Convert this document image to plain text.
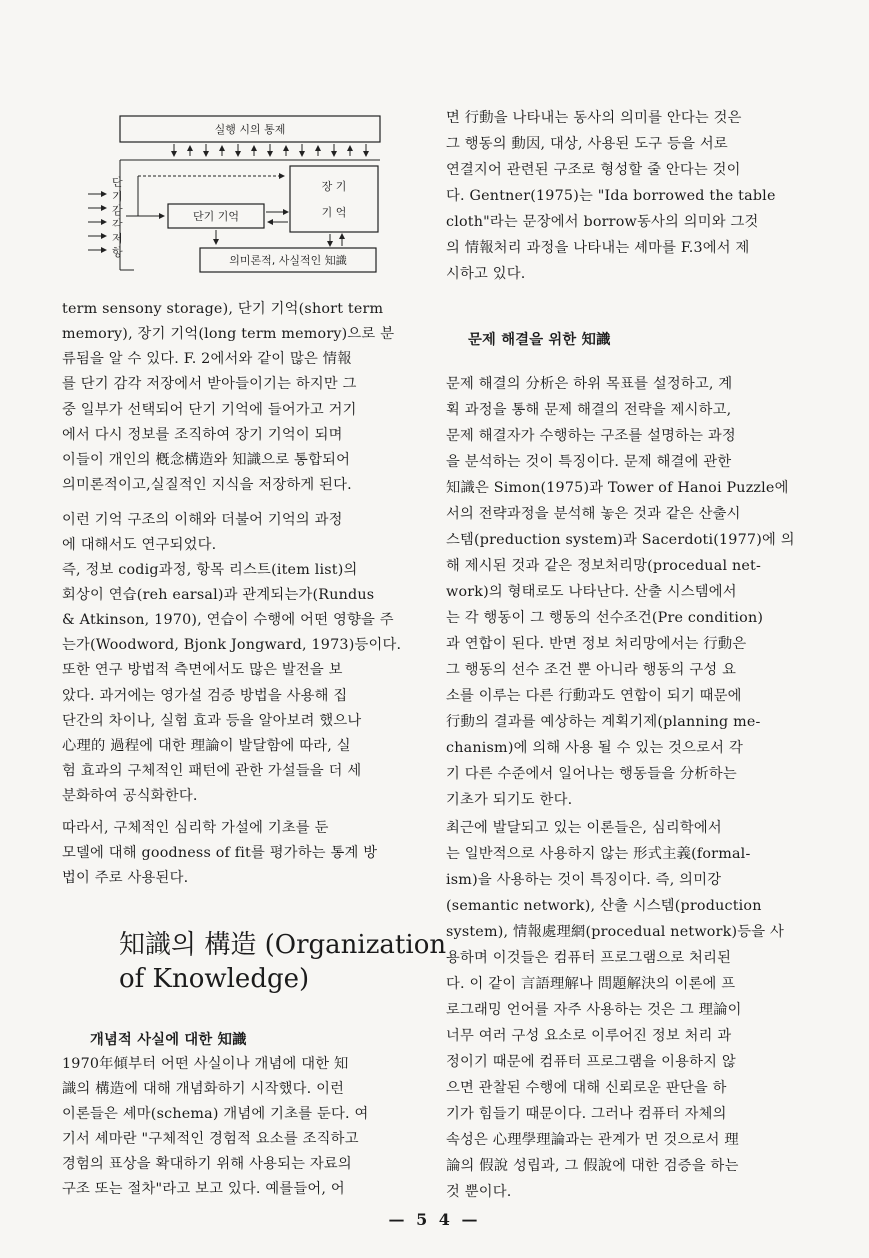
실행 시의 통제
단
기
감
각
저
항
단기 기억
장 기
기 억
의미론적, 사실적인 知識

term sensony storage), 단기 기억(short term

memory), 장기 기억(long term memory)으로 분

류됨을 알 수 있다. F. 2에서와 같이 많은 情報

를 단기 감각 저장에서 받아들이기는 하지만 그

중 일부가 선택되어 단기 기억에 들어가고 거기

에서 다시 정보를 조직하여 장기 기억이 되며

이들이 개인의 槪念構造와 知識으로 통합되어

의미론적이고,실질적인 지식을 저장하게 된다.

이런 기억 구조의 이해와 더불어 기억의 과정

에 대해서도 연구되었다.

즉, 정보 codig과정, 항목 리스트(item list)의

회상이 연습(reh earsal)과 관계되는가(Rundus

& Atkinson, 1970), 연습이 수행에 어떤 영향을 주

는가(Woodword, Bjonk Jongward, 1973)등이다.

또한 연구 방법적 측면에서도 많은 발전을 보

았다. 과거에는 영가설 검증 방법을 사용해 집

단간의 차이나, 실험 효과 등을 알아보려 했으나

心理的 過程에 대한 理論이 발달함에 따라, 실

험 효과의 구체적인 패턴에 관한 가설들을 더 세

분화하여 공식화한다.

따라서, 구체적인 심리학 가설에 기초를 둔

모델에 대해 goodness of fit를 평가하는 통계 방

법이 주로 사용된다.

知識의 構造 (Organization
of Knowledge)

개념적 사실에 대한 知識

1970年傾부터 어떤 사실이나 개념에 대한 知

識의 構造에 대해 개념화하기 시작했다. 이런

이론들은 셰마(schema) 개념에 기초를 둔다. 여

기서 셰마란 "구체적인 경험적 요소를 조직하고

경험의 표상을 확대하기 위해 사용되는 자료의

구조 또는 절차"라고 보고 있다. 예를들어, 어

면 行動을 나타내는 동사의 의미를 안다는 것은

그 행동의 動因, 대상, 사용된 도구 등을 서로

연결지어 관련된 구조로 형성할 줄 안다는 것이

다. Gentner(1975)는 "Ida borrowed the table

cloth"라는 문장에서 borrow동사의 의미와 그것

의 情報처리 과정을 나타내는 셰마를 F.3에서 제

시하고 있다.

문제 해결을 위한 知識

문제 해결의 分析은 하위 목표를 설정하고, 계

획 과정을 통해 문제 해결의 전략을 제시하고,

문제 해결자가 수행하는 구조를 설명하는 과정

을 분석하는 것이 특징이다. 문제 해결에 관한

知識은 Simon(1975)과 Tower of Hanoi Puzzle에

서의 전략과정을 분석해 놓은 것과 같은 산출시

스템(preduction system)과 Sacerdoti(1977)에 의

해 제시된 것과 같은 정보처리망(procedual net-

work)의 형태로도 나타난다. 산출 시스템에서

는 각 행동이 그 행동의 선수조건(Pre condition)

과 연합이 된다. 반면 정보 처리망에서는 行動은

그 행동의 선수 조건 뿐 아니라 행동의 구성 요

소를 이루는 다른 行動과도 연합이 되기 때문에

行動의 결과를 예상하는 계획기제(planning me-

chanism)에 의해 사용 될 수 있는 것으로서 각

기 다른 수준에서 일어나는 행동들을 分析하는

기초가 되기도 한다.

최근에 발달되고 있는 이론들은, 심리학에서

는 일반적으로 사용하지 않는 形式主義(formal-

ism)을 사용하는 것이 특징이다. 즉, 의미강

(semantic network), 산출 시스템(production

system), 情報處理網(procedual network)등을 사

용하며 이것들은 컴퓨터 프로그램으로 처리된

다. 이 같이 言語理解나 問題解決의 이론에 프

로그래밍 언어를 자주 사용하는 것은 그 理論이

너무 여러 구성 요소로 이루어진 정보 처리 과

정이기 때문에 컴퓨터 프로그램을 이용하지 않

으면 관찰된 수행에 대해 신뢰로운 판단을 하

기가 힘들기 때문이다. 그러나 컴퓨터 자체의

속성은 心理學理論과는 관계가 먼 것으로서 理

論의 假說 성립과, 그 假說에 대한 검증을 하는

것 뿐이다.

— 5 4 —
